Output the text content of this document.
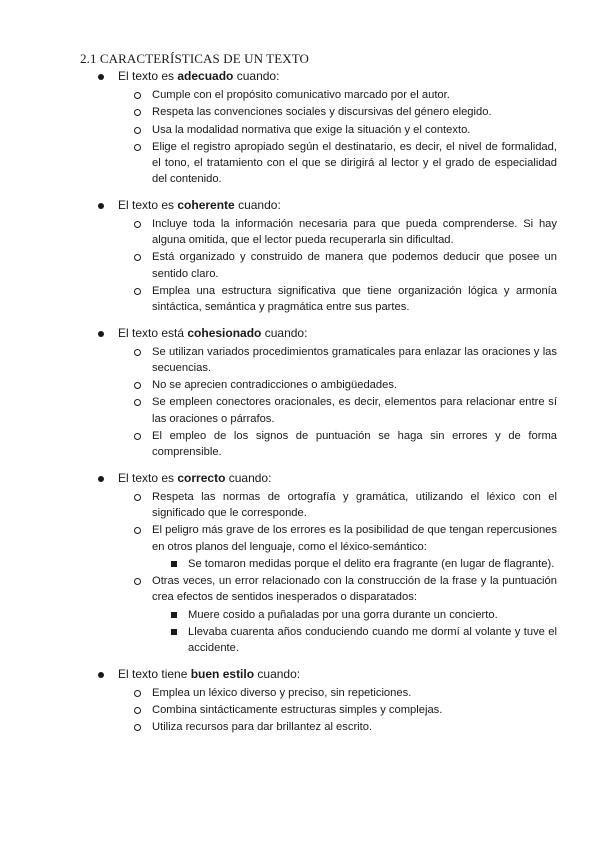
2.1 CARACTERÍSTICAS DE UN TEXTO
El texto es adecuado cuando:
Cumple con el propósito comunicativo marcado por el autor.
Respeta las convenciones sociales y discursivas del género elegido.
Usa la modalidad normativa que exige la situación y el contexto.
Elige el registro apropiado según el destinatario, es decir, el nivel de formalidad, el tono, el tratamiento con el que se dirigirá al lector y el grado de especialidad del contenido.
El texto es coherente cuando:
Incluye toda la información necesaria para que pueda comprenderse. Si hay alguna omitida, que el lector pueda recuperarla sin dificultad.
Está organizado y construido de manera que podemos deducir que posee un sentido claro.
Emplea una estructura significativa que tiene organización lógica y armonía sintáctica, semántica y pragmática entre sus partes.
El texto está cohesionado cuando:
Se utilizan variados procedimientos gramaticales para enlazar las oraciones y las secuencias.
No se aprecien contradicciones o ambigüedades.
Se empleen conectores oracionales, es decir, elementos para relacionar entre sí las oraciones o párrafos.
El empleo de los signos de puntuación se haga sin errores y de forma comprensible.
El texto es correcto cuando:
Respeta las normas de ortografía y gramática, utilizando el léxico con el significado que le corresponde.
El peligro más grave de los errores es la posibilidad de que tengan repercusiones en otros planos del lenguaje, como el léxico-semántico:
Se tomaron medidas porque el delito era fragrante (en lugar de flagrante).
Otras veces, un error relacionado con la construcción de la frase y la puntuación crea efectos de sentidos inesperados o disparatados:
Muere cosido a puñaladas por una gorra durante un concierto.
Llevaba cuarenta años conduciendo cuando me dormí al volante y tuve el accidente.
El texto tiene buen estilo cuando:
Emplea un léxico diverso y preciso, sin repeticiones.
Combina sintácticamente estructuras simples y complejas.
Utiliza recursos para dar brillantez al escrito.
